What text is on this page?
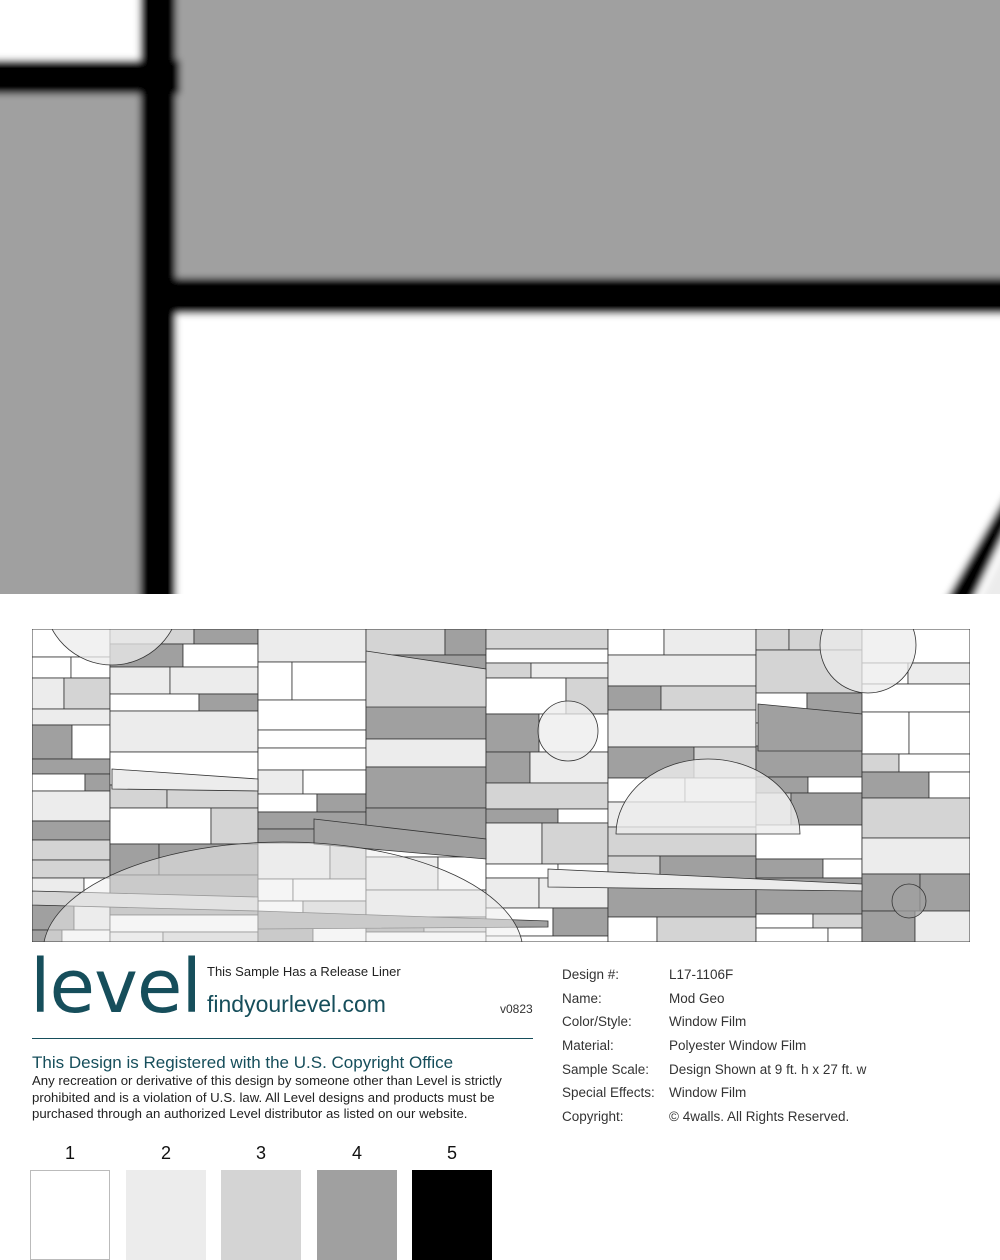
level This Sample Has a Release Liner
findyourlevel.com	v0823
This Design is Registered with the U.S. Copyright Office
Any recreation or derivative of this design by someone other than Level is strictly prohibited and is a violation of U.S. law. All Level designs and products must be purchased through an authorized Level distributor as listed on our website.
Design #:	L17-1106F
Name:	Mod Geo
Color/Style:	Window Film
Material:	Polyester Window Film
Sample Scale:	Design Shown at 9 ft. h x 27 ft. w
Special Effects:	Window Film
Copyright:	© 4walls. All Rights Reserved.
1	2	3	4	5
